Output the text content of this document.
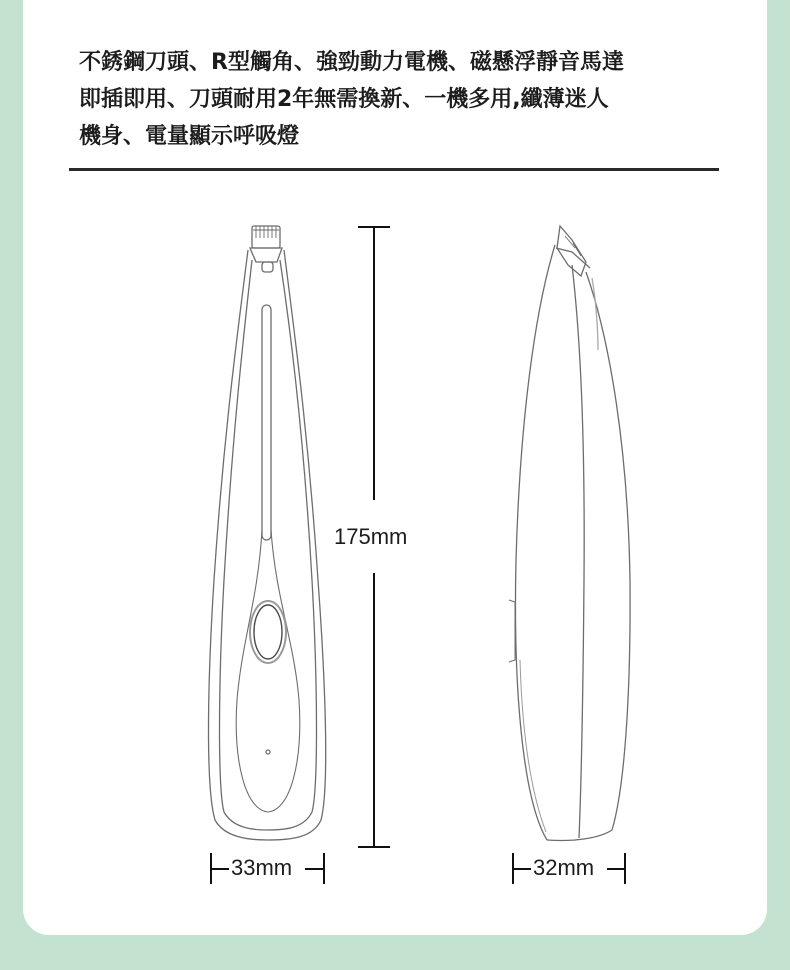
不銹鋼刀頭、R型觸角、強勁動力電機、磁懸浮靜音馬達
即插即用、刀頭耐用2年無需換新、一機多用,纖薄迷人
機身、電量顯示呼吸燈
175mm
33mm	32mm
